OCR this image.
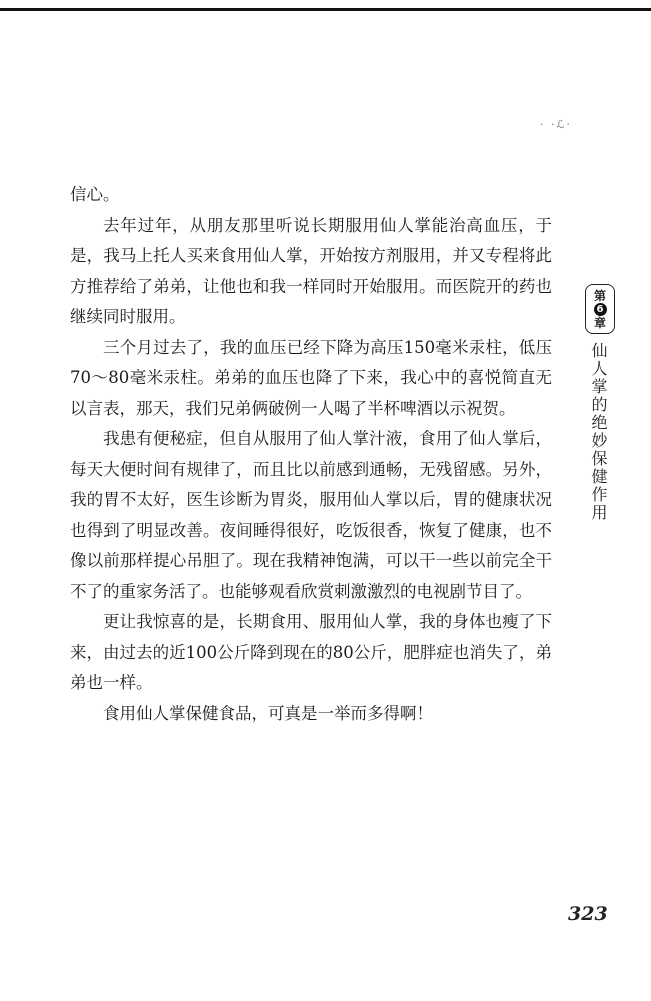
· ·ℒ·

信心。

去年过年，从朋友那里听说长期服用仙人掌能治高血压，于是，我马上托人买来食用仙人掌，开始按方剂服用，并又专程将此方推荐给了弟弟，让他也和我一样同时开始服用。而医院开的药也继续同时服用。

三个月过去了，我的血压已经下降为高压150毫米汞柱，低压70～80毫米汞柱。弟弟的血压也降了下来，我心中的喜悦简直无以言表，那天，我们兄弟俩破例一人喝了半杯啤酒以示祝贺。

我患有便秘症，但自从服用了仙人掌汁液，食用了仙人掌后，每天大便时间有规律了，而且比以前感到通畅，无残留感。另外，我的胃不太好，医生诊断为胃炎，服用仙人掌以后，胃的健康状况也得到了明显改善。夜间睡得很好，吃饭很香，恢复了健康，也不像以前那样提心吊胆了。现在我精神饱满，可以干一些以前完全干不了的重家务活了。也能够观看欣赏刺激激烈的电视剧节目了。

更让我惊喜的是，长期食用、服用仙人掌，我的身体也瘦了下来，由过去的近100公斤降到现在的80公斤，肥胖症也消失了，弟弟也一样。

食用仙人掌保健食品，可真是一举而多得啊！

第
6
章
仙人掌的绝妙保健作用
323
